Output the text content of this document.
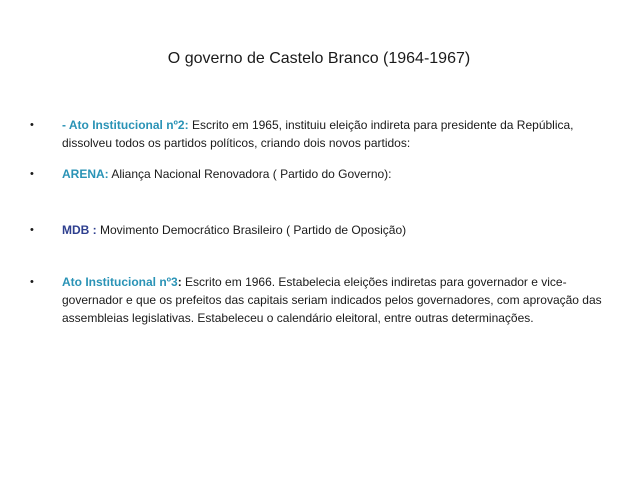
O governo de Castelo Branco (1964-1967)
•	- Ato Institucional nº2: Escrito em 1965, instituiu eleição indireta para presidente da República, dissolveu todos os partidos políticos, criando dois novos partidos:
•	ARENA: Aliança Nacional Renovadora ( Partido do Governo):
•	MDB : Movimento Democrático Brasileiro ( Partido de Oposição)
•	Ato Institucional nº3: Escrito em 1966. Estabelecia eleições indiretas para governador e vice-governador e que os prefeitos das capitais seriam indicados pelos governadores, com aprovação das assembleias legislativas. Estabeleceu o calendário eleitoral, entre outras determinações.
